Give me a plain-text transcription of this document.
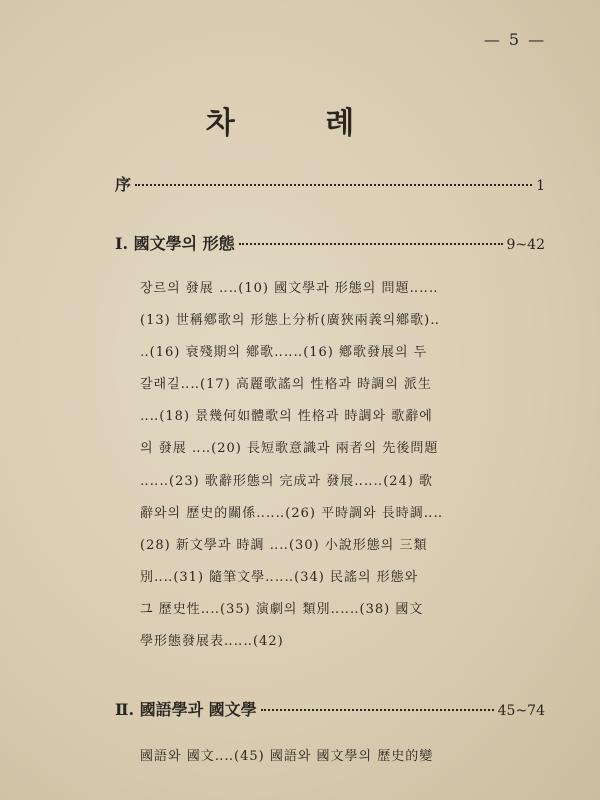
— 5 —
차 례
序	1
Ⅰ. 國文學의 形態	9~42
장르의 發展 ‥‥(10) 國文學과 形態의 問題‥‥‥
(13) 世稱鄕歌의 形態上分析(廣狹兩義의鄕歌)‥
‥(16) 衰殘期의 鄕歌‥‥‥(16) 鄕歌發展의 두
갈래길‥‥(17) 高麗歌謠의 性格과 時調의 派生
‥‥(18) 景幾何如體歌의 性格과 時調와 歌辭에
의 發展 ‥‥(20) 長短歌意識과 兩者의 先後問題
‥‥‥(23) 歌辭形態의 完成과 發展‥‥‥(24) 歌
辭와의 歷史的關係‥‥‥(26) 平時調와 長時調‥‥
(28) 新文學과 時調 ‥‥(30) 小說形態의 三類
別‥‥(31) 隨筆文學‥‥‥(34) 民謠의 形態와
그 歷史性‥‥(35) 演劇의 類別‥‥‥(38) 國文
學形態發展表‥‥‥(42)
Ⅱ. 國語學과 國文學	45~74
國語와 國文‥‥(45) 國語와 國文學의 歷史的變
